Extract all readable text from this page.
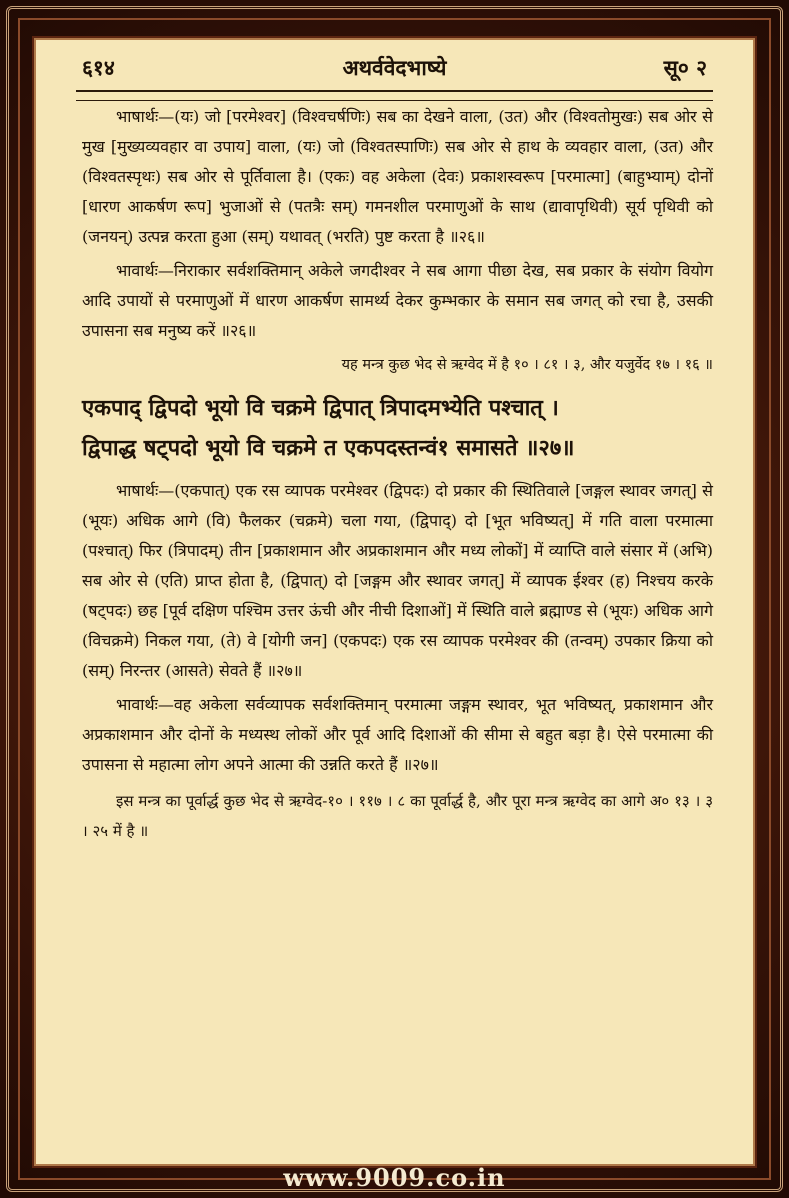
६१४	अथर्ववेदभाष्ये	सू० २

भाषार्थः—(यः) जो [परमेश्वर] (विश्वचर्षणिः) सब का देखने वाला, (उत) और (विश्वतोमुखः) सब ओर से मुख [मुख्यव्यवहार वा उपाय] वाला, (यः) जो (विश्वतस्पाणिः) सब ओर से हाथ के व्यवहार वाला, (उत) और (विश्वतस्पृथः) सब ओर से पूर्तिवाला है। (एकः) वह अकेला (देवः) प्रकाशस्वरूप [परमात्मा] (बाहुभ्याम्) दोनों [धारण आकर्षण रूप] भुजाओं से (पतत्रैः सम्) गमनशील परमाणुओं के साथ (द्यावापृथिवी) सूर्य पृथिवी को (जनयन्) उत्पन्न करता हुआ (सम्) यथावत् (भरति) पुष्ट करता है ॥२६॥

भावार्थः—निराकार सर्वशक्तिमान् अकेले जगदीश्वर ने सब आगा पीछा देख, सब प्रकार के संयोग वियोग आदि उपायों से परमाणुओं में धारण आकर्षण सामर्थ्य देकर कुम्भकार के समान सब जगत् को रचा है, उसकी उपासना सब मनुष्य करें ॥२६॥

यह मन्त्र कुछ भेद से ऋग्वेद में है १० । ८१ । ३, और यजुर्वेद १७ । १६ ॥
एकपाद् द्विपदो भूयो वि चक्रमे द्विपात् त्रिपादमभ्येति पश्चात् ।
द्विपाद्ध षट्पदो भूयो वि चक्रमे त एकपदस्तन्वं१ समासते ॥२७॥

भाषार्थः—(एकपात्) एक रस व्यापक परमेश्वर (द्विपदः) दो प्रकार की स्थितिवाले [जङ्गल स्थावर जगत्] से (भूयः) अधिक आगे (वि) फैलकर (चक्रमे) चला गया, (द्विपाद्) दो [भूत भविष्यत्] में गति वाला परमात्मा (पश्चात्) फिर (त्रिपादम्) तीन [प्रकाशमान और अप्रकाशमान और मध्य लोकों] में व्याप्ति वाले संसार में (अभि) सब ओर से (एति) प्राप्त होता है, (द्विपात्) दो [जङ्गम और स्थावर जगत्] में व्यापक ईश्वर (ह) निश्चय करके (षट्पदः) छह [पूर्व दक्षिण पश्चिम उत्तर ऊंची और नीची दिशाओं] में स्थिति वाले ब्रह्माण्ड से (भूयः) अधिक आगे (विचक्रमे) निकल गया, (ते) वे [योगी जन] (एकपदः) एक रस व्यापक परमेश्वर की (तन्वम्) उपकार क्रिया को (सम्) निरन्तर (आसते) सेवते हैं ॥२७॥

भावार्थः—वह अकेला सर्वव्यापक सर्वशक्तिमान् परमात्मा जङ्गम स्थावर, भूत भविष्यत्, प्रकाशमान और अप्रकाशमान और दोनों के मध्यस्थ लोकों और पूर्व आदि दिशाओं की सीमा से बहुत बड़ा है। ऐसे परमात्मा की उपासना से महात्मा लोग अपने आत्मा की उन्नति करते हैं ॥२७॥

इस मन्त्र का पूर्वार्द्ध कुछ भेद से ऋग्वेद-१० । ११७ । ८ का पूर्वार्द्ध है, और पूरा मन्त्र ऋग्वेद का आगे अ० १३ । ३ । २५ में है ॥

www.9009.co.in
